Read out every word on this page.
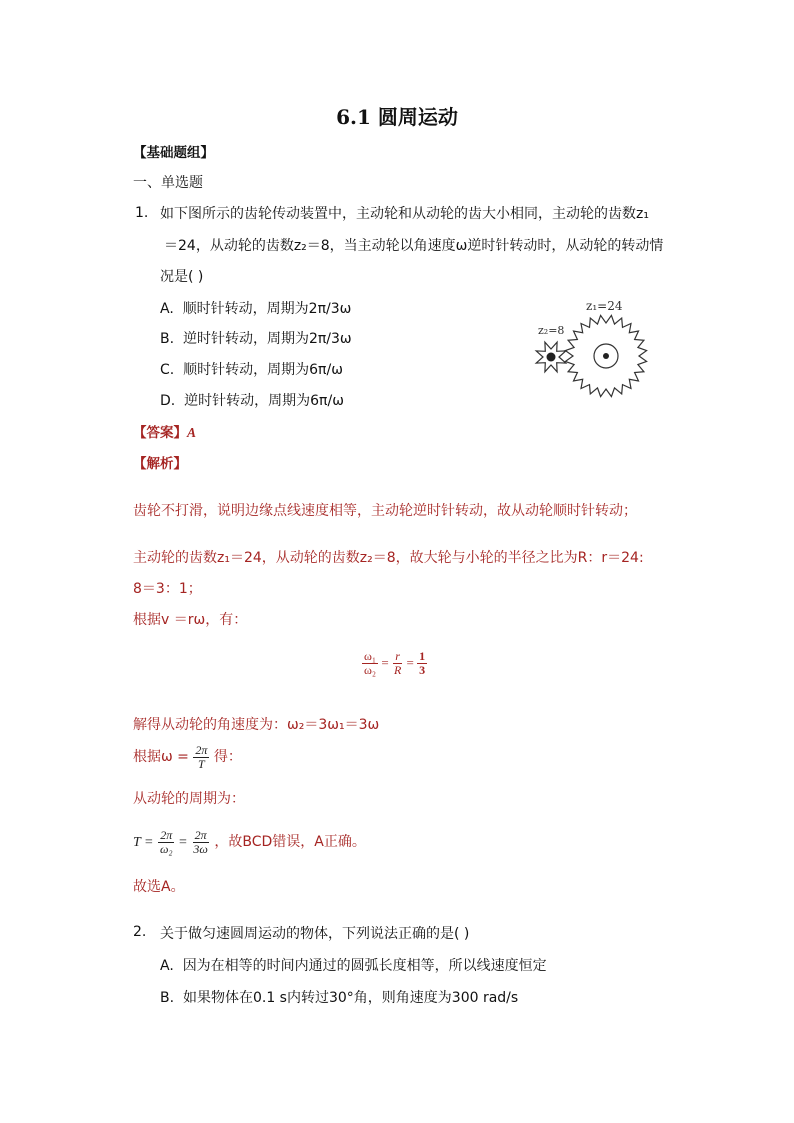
6.1 圆周运动
【基础题组】
一、单选题
1. 如下图所示的齿轮传动装置中，主动轮和从动轮的齿大小相同，主动轮的齿数z₁
＝24，从动轮的齿数z₂＝8，当主动轮以角速度ω逆时针转动时，从动轮的转动情
况是( )
A. 顺时针转动，周期为2π/3ω
B. 逆时针转动，周期为2π/3ω
C. 顺时针转动，周期为6π/ω
D. 逆时针转动，周期为6π/ω
z₁=24
z₂=8
【答案】A
【解析】
齿轮不打滑，说明边缘点线速度相等，主动轮逆时针转动，故从动轮顺时针转动；
主动轮的齿数z₁＝24，从动轮的齿数z₂＝8，故大轮与小轮的半径之比为R：r＝24:
8＝3：1；
根据v ＝rω，有：
$\frac{\text{ω₁}}{\text{ω₂}} = \frac{r}{R} = \frac{1}{3}$
解得从动轮的角速度为：ω₂＝3ω₁＝3ω
根据$\omega = \frac{2\pi}{T}$ 得：
从动轮的周期为：
$T = \frac{2\pi}{\text{ω₂}} = \frac{2\pi}{3\omega}$ ，故BCD错误，A正确。
故选A。
2. 关于做匀速圆周运动的物体，下列说法正确的是( )
A. 因为在相等的时间内通过的圆弧长度相等，所以线速度恒定
B. 如果物体在0.1 s内转过30°角，则角速度为300 rad/s
